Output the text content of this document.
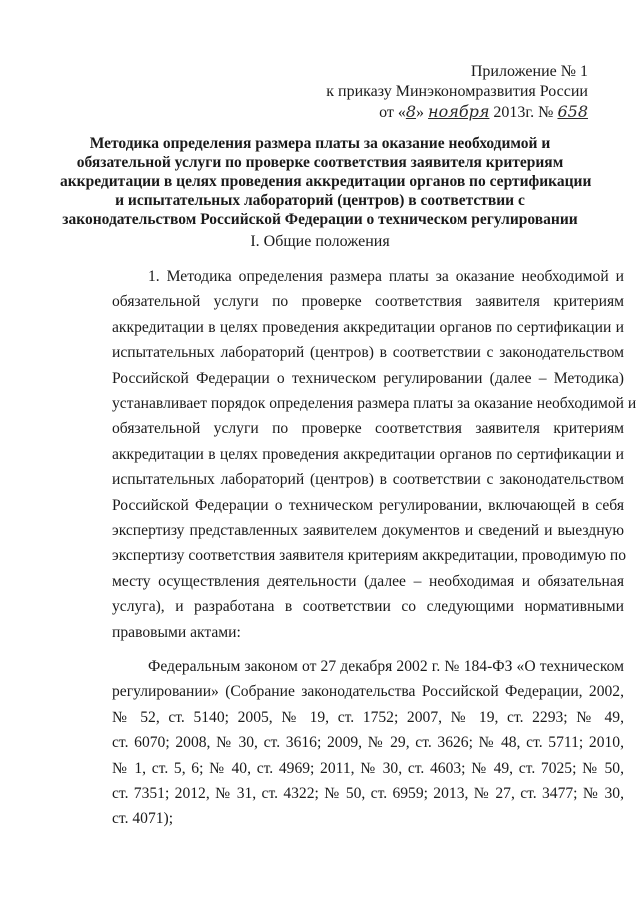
Приложение № 1
к приказу Минэкономразвития России
от «8» ноября 2013г. № 658
Методика определения размера платы за оказание необходимой и
обязательной услуги по проверке соответствия заявителя критериям
аккредитации в целях проведения аккредитации органов по сертификации
и испытательных лабораторий (центров) в соответствии с
законодательством Российской Федерации о техническом регулировании
I. Общие положения
1. Методика определения размера платы за оказание необходимой и
обязательной услуги по проверке соответствия заявителя критериям
аккредитации в целях проведения аккредитации органов по сертификации и
испытательных лабораторий (центров) в соответствии с законодательством
Российской Федерации о техническом регулировании (далее – Методика)
устанавливает порядок определения размера платы за оказание необходимой и
обязательной услуги по проверке соответствия заявителя критериям
аккредитации в целях проведения аккредитации органов по сертификации и
испытательных лабораторий (центров) в соответствии с законодательством
Российской Федерации о техническом регулировании, включающей в себя
экспертизу представленных заявителем документов и сведений и выездную
экспертизу соответствия заявителя критериям аккредитации, проводимую по
месту осуществления деятельности (далее – необходимая и обязательная
услуга), и разработана в соответствии со следующими нормативными
правовыми актами:
Федеральным законом от 27 декабря 2002 г. № 184-ФЗ «О техническом
регулировании» (Собрание законодательства Российской Федерации, 2002,
№ 52, ст. 5140; 2005, № 19, ст. 1752; 2007, № 19, ст. 2293; № 49,
ст. 6070; 2008, № 30, ст. 3616; 2009, № 29, ст. 3626; № 48, ст. 5711; 2010,
№ 1, ст. 5, 6; № 40, ст. 4969; 2011, № 30, ст. 4603; № 49, ст. 7025; № 50,
ст. 7351; 2012, № 31, ст. 4322; № 50, ст. 6959; 2013, № 27, ст. 3477; № 30,
ст. 4071);
